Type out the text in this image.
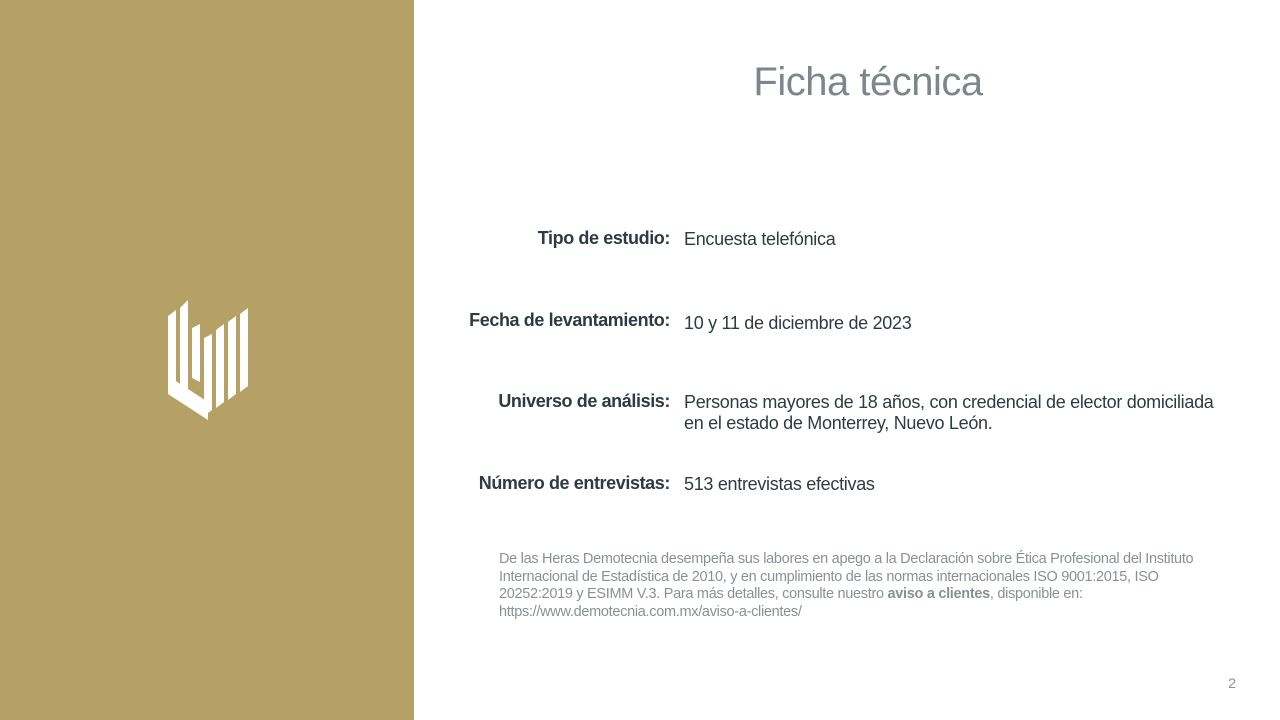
Ficha técnica
Tipo de estudio: Encuesta telefónica
Fecha de levantamiento: 10 y 11 de diciembre de 2023
Universo de análisis: Personas mayores de 18 años, con credencial de elector domiciliada en el estado de Monterrey, Nuevo León.
Número de entrevistas: 513 entrevistas efectivas
De las Heras Demotecnia desempeña sus labores en apego a la Declaración sobre Ética Profesional del Instituto Internacional de Estadística de 2010, y en cumplimiento de las normas internacionales ISO 9001:2015, ISO 20252:2019 y ESIMM V.3. Para más detalles, consulte nuestro aviso a clientes, disponible en: https://www.demotecnia.com.mx/aviso-a-clientes/
2
